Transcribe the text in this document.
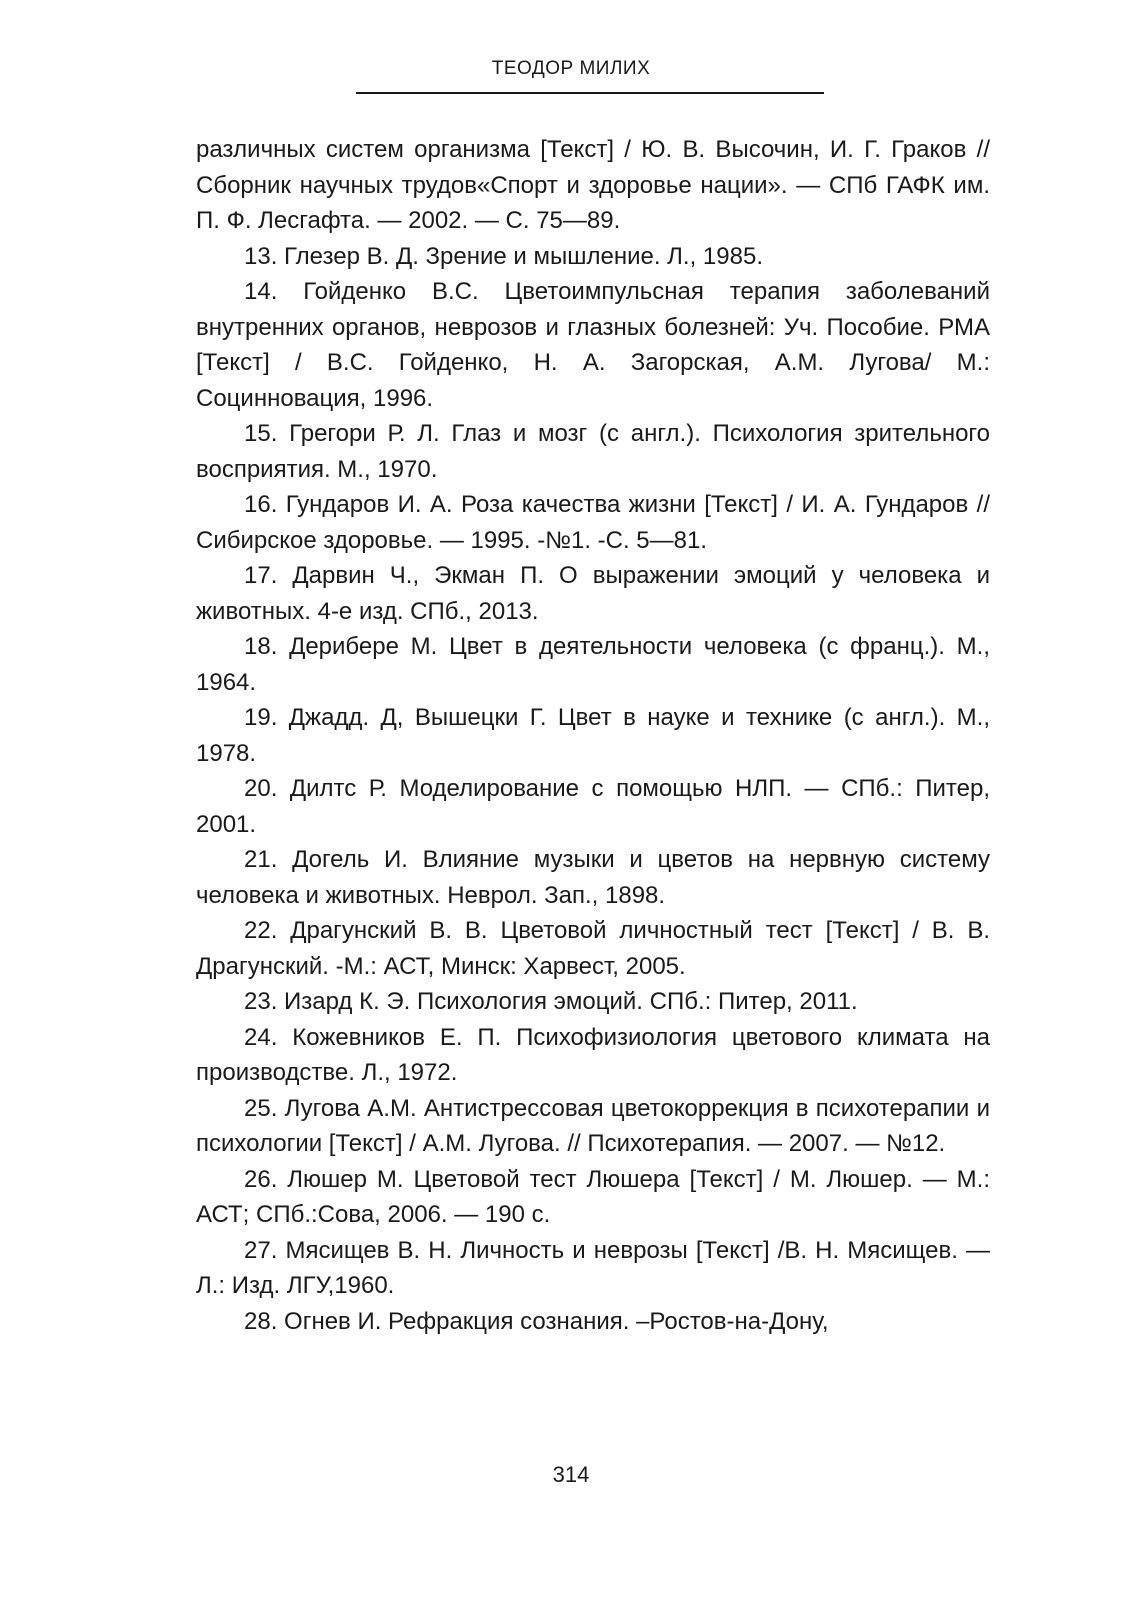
ТЕОДОР МИЛИХ

различных систем организма [Текст] / Ю. В. Высочин, И. Г. Граков // Сборник научных трудов«Спорт и здоровье нации». — СПб ГАФК им. П. Ф. Лесгафта. — 2002. — С. 75—89.

13. Глезер В. Д. Зрение и мышление. Л., 1985.

14. Гойденко В.С. Цветоимпульсная терапия заболеваний внутренних органов, неврозов и глазных болезней: Уч. Пособие. РМА [Текст] / В.С. Гойденко, Н. А. Загорская, А.М. Лугова/ М.: Социнновация, 1996.

15. Грегори Р. Л. Глаз и мозг (с англ.). Психология зрительного восприятия. М., 1970.

16. Гундаров И. А. Роза качества жизни [Текст] / И. А. Гундаров // Сибирское здоровье. — 1995. -№1. -С. 5—81.

17. Дарвин Ч., Экман П. О выражении эмоций у человека и животных. 4-е изд. СПб., 2013.

18. Дерибере М. Цвет в деятельности человека (с франц.). М., 1964.

19. Джадд. Д, Вышецки Г. Цвет в науке и технике (с англ.). М., 1978.

20. Дилтс Р. Моделирование с помощью НЛП. — СПб.: Питер, 2001.

21. Догель И. Влияние музыки и цветов на нервную систему человека и животных. Неврол. Зап., 1898.

22. Драгунский В. В. Цветовой личностный тест [Текст] / В. В. Драгунский. -М.: АСТ, Минск: Харвест, 2005.

23. Изард К. Э. Психология эмоций. СПб.: Питер, 2011.

24. Кожевников Е. П. Психофизиология цветового климата на производстве. Л., 1972.

25. Лугова А.М. Антистрессовая цветокоррекция в психотерапии и психологии [Текст] / А.М. Лугова. // Психотерапия. — 2007. — №12.

26. Люшер М. Цветовой тест Люшера [Текст] / М. Люшер. — М.: АСТ; СПб.:Сова, 2006. — 190 с.

27. Мясищев В. Н. Личность и неврозы [Текст] /В. Н. Мясищев. — Л.: Изд. ЛГУ,1960.

28. Огнев И. Рефракция сознания. –Ростов-на-Дону,

314
